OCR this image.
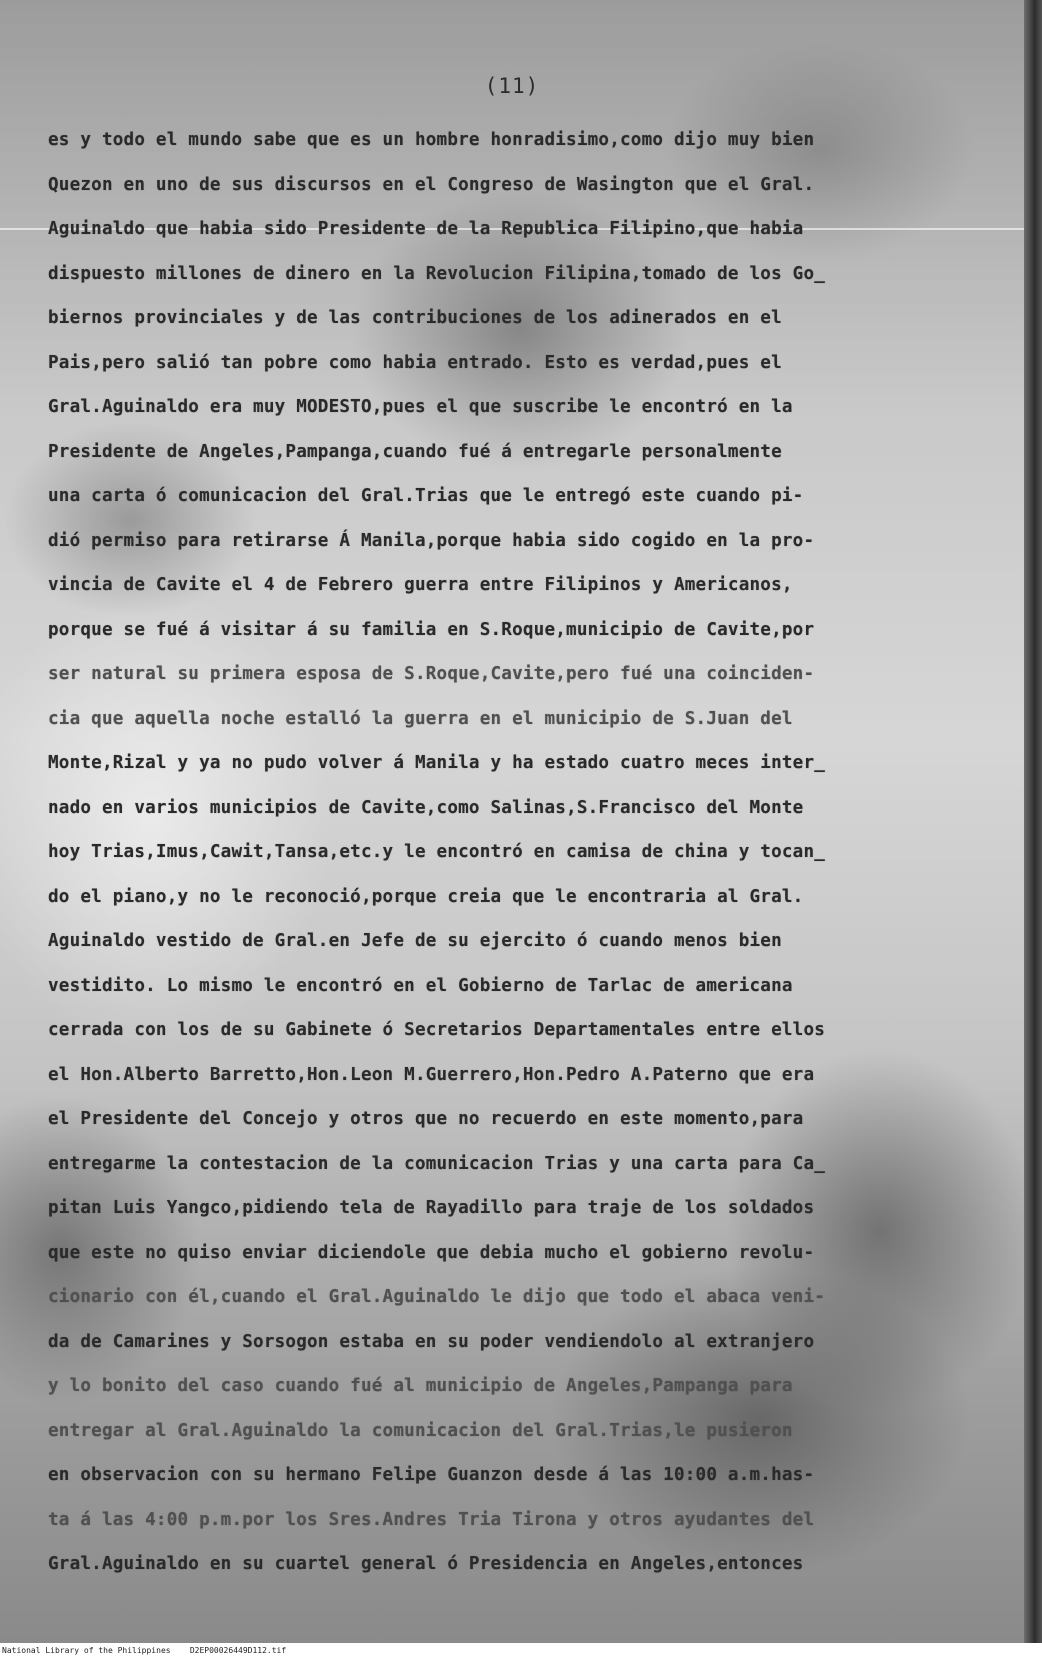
(11)
es y todo el mundo sabe que es un hombre honradisimo,como dijo muy bien
Quezon en uno de sus discursos en el Congreso de Wasington que el Gral.
Aguinaldo que habia sido Presidente de la Republica Filipino,que habia
dispuesto millones de dinero en la Revolucion Filipina,tomado de los Go_
biernos provinciales y de las contribuciones de los adinerados en el
Pais,pero salió tan pobre como habia entrado. Esto es verdad,pues el
Gral.Aguinaldo era muy MODESTO,pues el que suscribe le encontró en la
Presidente de Angeles,Pampanga,cuando fué á entregarle personalmente
una carta ó comunicacion del Gral.Trias que le entregó este cuando pi-
dió permiso para retirarse Á Manila,porque habia sido cogido en la pro-
vincia de Cavite el 4 de Febrero guerra entre Filipinos y Americanos,
porque se fué á visitar á su familia en S.Roque,municipio de Cavite,por
ser natural su primera esposa de S.Roque,Cavite,pero fué una coinciden-
cia que aquella noche estalló la guerra en el municipio de S.Juan del
Monte,Rizal y ya no pudo volver á Manila y ha estado cuatro meces inter_
nado en varios municipios de Cavite,como Salinas,S.Francisco del Monte
hoy Trias,Imus,Cawit,Tansa,etc.y le encontró en camisa de china y tocan_
do el piano,y no le reconoció,porque creia que le encontraria al Gral.
Aguinaldo vestido de Gral.en Jefe de su ejercito ó cuando menos bien
vestidito. Lo mismo le encontró en el Gobierno de Tarlac de americana
cerrada con los de su Gabinete ó Secretarios Departamentales entre ellos
el Hon.Alberto Barretto,Hon.Leon M.Guerrero,Hon.Pedro A.Paterno que era
el Presidente del Concejo y otros que no recuerdo en este momento,para
entregarme la contestacion de la comunicacion Trias y una carta para Ca_
pitan Luis Yangco,pidiendo tela de Rayadillo para traje de los soldados
que este no quiso enviar diciendole que debia mucho el gobierno revolu-
cionario con él,cuando el Gral.Aguinaldo le dijo que todo el abaca veni-
da de Camarines y Sorsogon estaba en su poder vendiendolo al extranjero
y lo bonito del caso cuando fué al municipio de Angeles,Pampanga para
entregar al Gral.Aguinaldo la comunicacion del Gral.Trias,le pusieron
en observacion con su hermano Felipe Guanzon desde á las 10:00 a.m.has-
ta á las 4:00 p.m.por los Sres.Andres Tria Tirona y otros ayudantes del
Gral.Aguinaldo en su cuartel general ó Presidencia en Angeles,entonces
National Library of the Philippines D2EP00026449D112.tif
